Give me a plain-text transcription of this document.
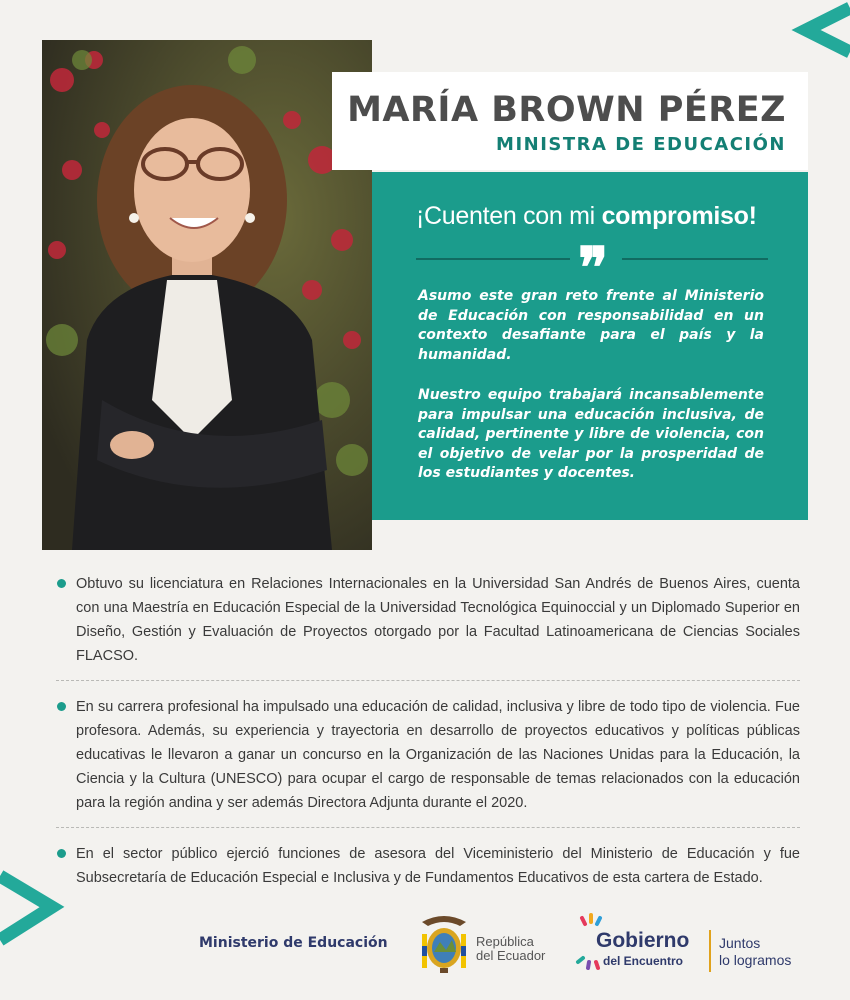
MARÍA BROWN PÉREZ
MINISTRA DE EDUCACIÓN
¡Cuenten con mi compromiso!
❞

Asumo este gran reto frente al Ministerio de Educación con responsabilidad en un contexto desafiante para el país y la humanidad.

Nuestro equipo trabajará incansablemente para impulsar una educación inclusiva, de calidad, pertinente y libre de violencia, con el objetivo de velar por la prosperidad de los estudiantes y docentes.

Obtuvo su licenciatura en Relaciones Internacionales en la Universidad San Andrés de Buenos Aires, cuenta con una Maestría en Educación Especial de la Universidad Tecnológica Equinoccial y un Diplomado Superior en Diseño, Gestión y Evaluación de Proyectos otorgado por la Facultad Latinoamericana de Ciencias Sociales FLACSO.
En su carrera profesional ha impulsado una educación de calidad, inclusiva y libre de todo tipo de violencia. Fue profesora. Además, su experiencia y trayectoria en desarrollo de proyectos educativos y políticas públicas educativas le llevaron a ganar un concurso en la Organización de las Naciones Unidas para la Educación, la Ciencia y la Cultura (UNESCO) para ocupar el cargo de responsable de temas relacionados con la educación para la región andina y ser además Directora Adjunta durante el 2020.
En el sector público ejerció funciones de asesora del Viceministerio del Ministerio de Educación y fue Subsecretaría de Educación Especial e Inclusiva y de Fundamentos Educativos de esta cartera de Estado.
Ministerio de Educación	República
del Ecuador
Gobierno
del Encuentro
Juntos
lo logramos
